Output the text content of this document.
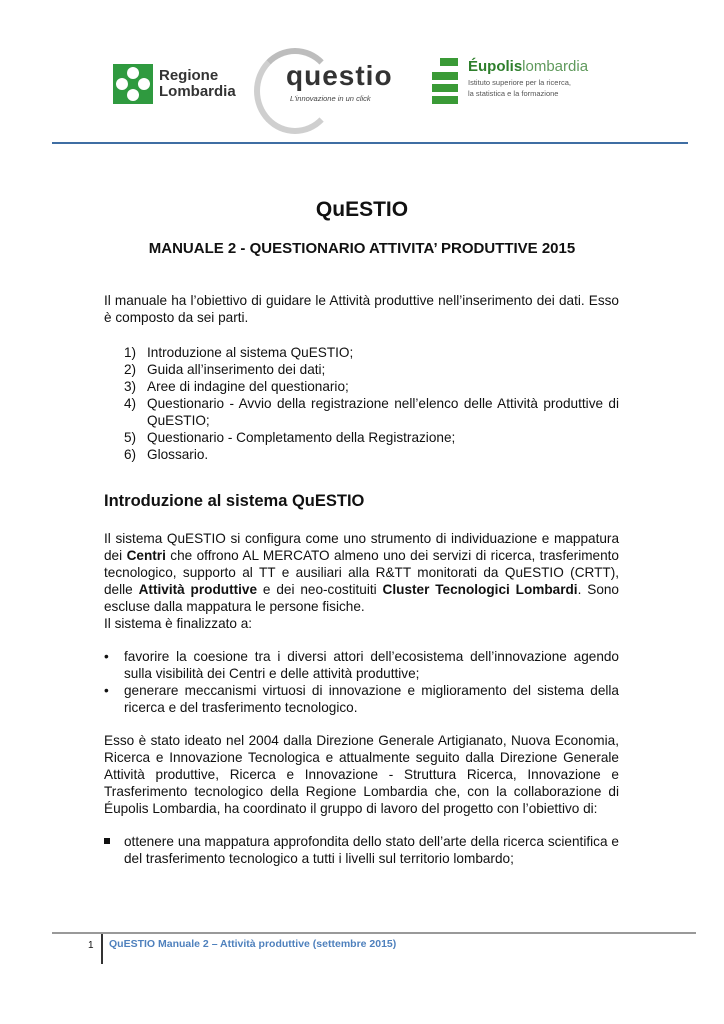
Regione
Lombardia
questio
L'innovazione in un click
Éupolislombardia
Istituto superiore per la ricerca,
la statistica e la formazione
QuESTIO
MANUALE 2 - QUESTIONARIO ATTIVITA’ PRODUTTIVE 2015

Il manuale ha l’obiettivo di guidare le Attività produttive nell’inserimento dei dati. Esso è composto da sei parti.

1) Introduzione al sistema QuESTIO;
2) Guida all’inserimento dei dati;
3) Aree di indagine del questionario;
4) Questionario - Avvio della registrazione nell’elenco delle Attività produttive di QuESTIO;
5) Questionario - Completamento della Registrazione;
6) Glossario.
Introduzione al sistema QuESTIO

Il sistema QuESTIO si configura come uno strumento di individuazione e mappatura dei Centri che offrono AL MERCATO almeno uno dei servizi di ricerca, trasferimento tecnologico, supporto al TT e ausiliari alla R&TT monitorati da QuESTIO (CRTT), delle Attività produttive e dei neo-costituiti Cluster Tecnologici Lombardi. Sono escluse dalla mappatura le persone fisiche.

Il sistema è finalizzato a:

• favorire la coesione tra i diversi attori dell’ecosistema dell’innovazione agendo sulla visibilità dei Centri e delle attività produttive;
• generare meccanismi virtuosi di innovazione e miglioramento del sistema della ricerca e del trasferimento tecnologico.

Esso è stato ideato nel 2004 dalla Direzione Generale Artigianato, Nuova Economia, Ricerca e Innovazione Tecnologica e attualmente seguito dalla Direzione Generale Attività produttive, Ricerca e Innovazione - Struttura Ricerca, Innovazione e Trasferimento tecnologico della Regione Lombardia che, con la collaborazione di Éupolis Lombardia, ha coordinato il gruppo di lavoro del progetto con l’obiettivo di:

ottenere una mappatura approfondita dello stato dell’arte della ricerca scientifica e del trasferimento tecnologico a tutti i livelli sul territorio lombardo;
1 QuESTIO Manuale 2 – Attività produttive (settembre 2015)
